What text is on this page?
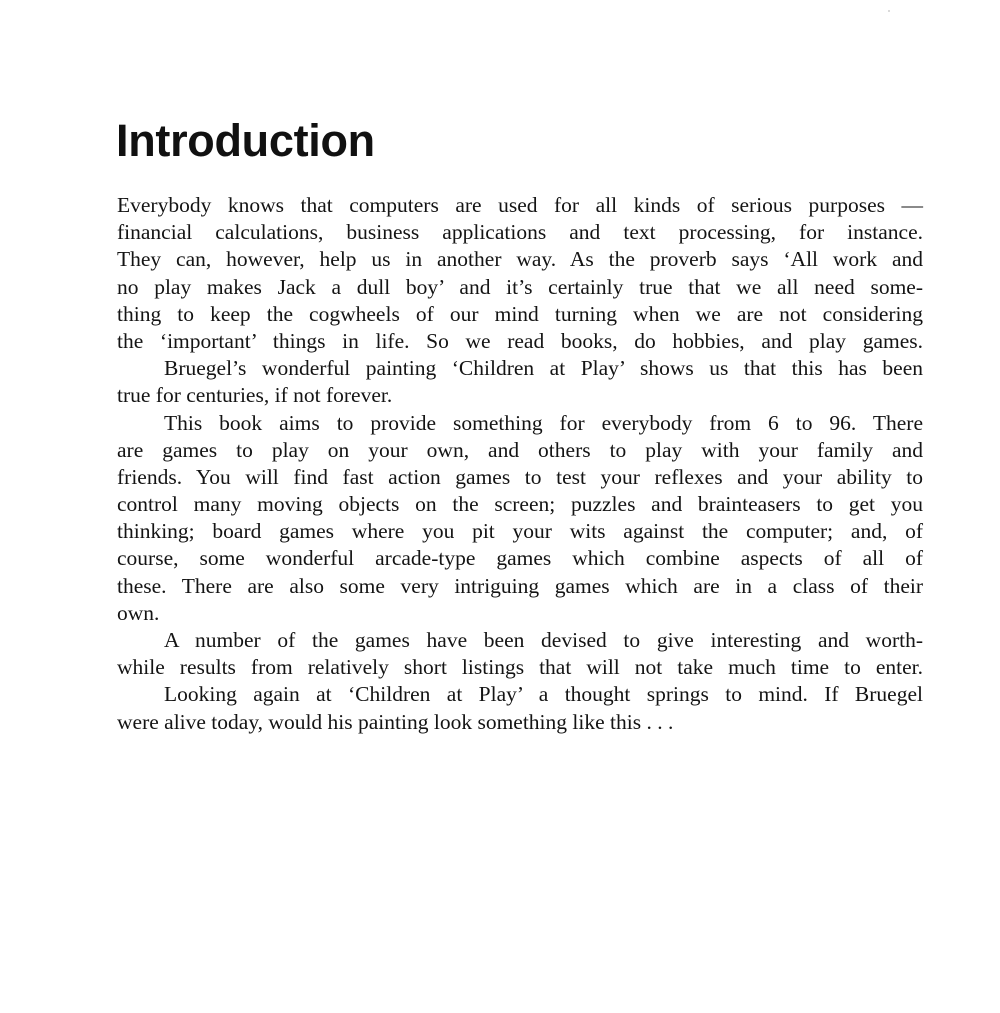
Introduction
Everybody knows that computers are used for all kinds of serious purposes —
financial calculations, business applications and text processing, for instance.
They can, however, help us in another way. As the proverb says ‘All work and
no play makes Jack a dull boy’ and it’s certainly true that we all need some-
thing to keep the cogwheels of our mind turning when we are not considering
the ‘important’ things in life. So we read books, do hobbies, and play games.
Bruegel’s wonderful painting ‘Children at Play’ shows us that this has been
true for centuries, if not forever.
This book aims to provide something for everybody from 6 to 96. There
are games to play on your own, and others to play with your family and
friends. You will find fast action games to test your reflexes and your ability to
control many moving objects on the screen; puzzles and brainteasers to get you
thinking; board games where you pit your wits against the computer; and, of
course, some wonderful arcade-type games which combine aspects of all of
these. There are also some very intriguing games which are in a class of their
own.
A number of the games have been devised to give interesting and worth-
while results from relatively short listings that will not take much time to enter.
Looking again at ‘Children at Play’ a thought springs to mind. If Bruegel
were alive today, would his painting look something like this . . .
